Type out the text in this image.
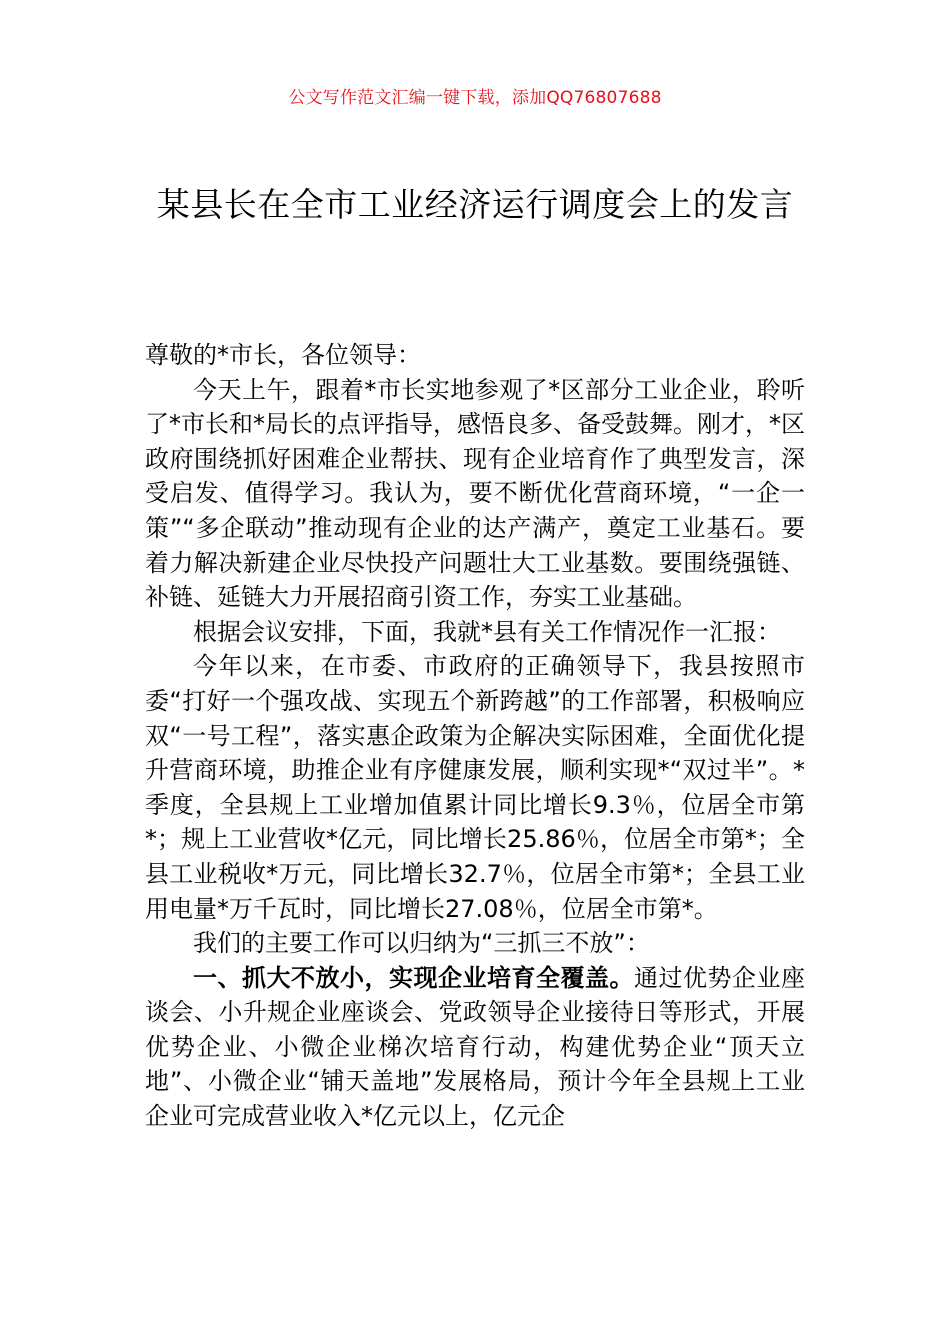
公文写作范文汇编一键下载，添加QQ76807688
某县长在全市工业经济运行调度会上的发言

尊敬的*市长，各位领导：

今天上午，跟着*市长实地参观了*区部分工业企业，聆听了*市长和*局长的点评指导，感悟良多、备受鼓舞。刚才，*区政府围绕抓好困难企业帮扶、现有企业培育作了典型发言，深受启发、值得学习。我认为，要不断优化营商环境，“一企一策”“多企联动”推动现有企业的达产满产，奠定工业基石。要着力解决新建企业尽快投产问题壮大工业基数。要围绕强链、补链、延链大力开展招商引资工作，夯实工业基础。

根据会议安排，下面，我就*县有关工作情况作一汇报：

今年以来，在市委、市政府的正确领导下，我县按照市委“打好一个强攻战、实现五个新跨越”的工作部署，积极响应双“一号工程”，落实惠企政策为企解决实际困难，全面优化提升营商环境，助推企业有序健康发展，顺利实现*“双过半”。*季度，全县规上工业增加值累计同比增长9.3％，位居全市第*；规上工业营收*亿元，同比增长25.86％，位居全市第*；全县工业税收*万元，同比增长32.7％，位居全市第*；全县工业用电量*万千瓦时，同比增长27.08％，位居全市第*。

我们的主要工作可以归纳为“三抓三不放”：

一、抓大不放小，实现企业培育全覆盖。通过优势企业座谈会、小升规企业座谈会、党政领导企业接待日等形式，开展优势企业、小微企业梯次培育行动，构建优势企业“顶天立地”、小微企业“铺天盖地”发展格局，预计今年全县规上工业企业可完成营业收入*亿元以上，亿元企
